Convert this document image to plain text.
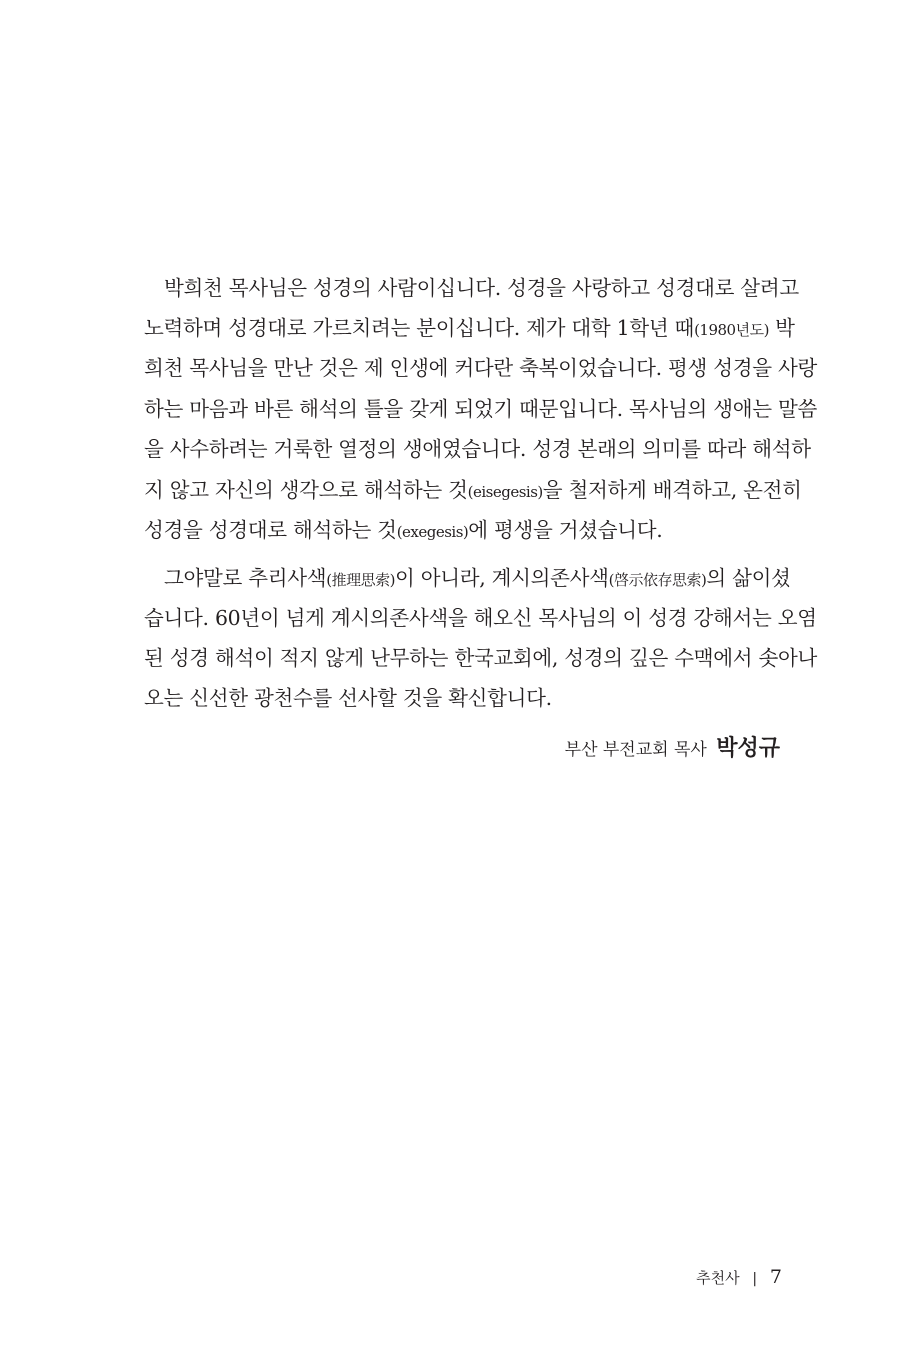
박희천 목사님은 성경의 사람이십니다. 성경을 사랑하고 성경대로 살려고
노력하며 성경대로 가르치려는 분이십니다. 제가 대학 1학년 때(1980년도) 박
희천 목사님을 만난 것은 제 인생에 커다란 축복이었습니다. 평생 성경을 사랑
하는 마음과 바른 해석의 틀을 갖게 되었기 때문입니다. 목사님의 생애는 말씀
을 사수하려는 거룩한 열정의 생애였습니다. 성경 본래의 의미를 따라 해석하
지 않고 자신의 생각으로 해석하는 것(eisegesis)을 철저하게 배격하고, 온전히
성경을 성경대로 해석하는 것(exegesis)에 평생을 거셨습니다.
그야말로 추리사색(推理思索)이 아니라, 계시의존사색(啓示依存思索)의 삶이셨
습니다. 60년이 넘게 계시의존사색을 해오신 목사님의 이 성경 강해서는 오염
된 성경 해석이 적지 않게 난무하는 한국교회에, 성경의 깊은 수맥에서 솟아나
오는 신선한 광천수를 선사할 것을 확신합니다.
부산 부전교회 목사 박성규
추천사 | 7
